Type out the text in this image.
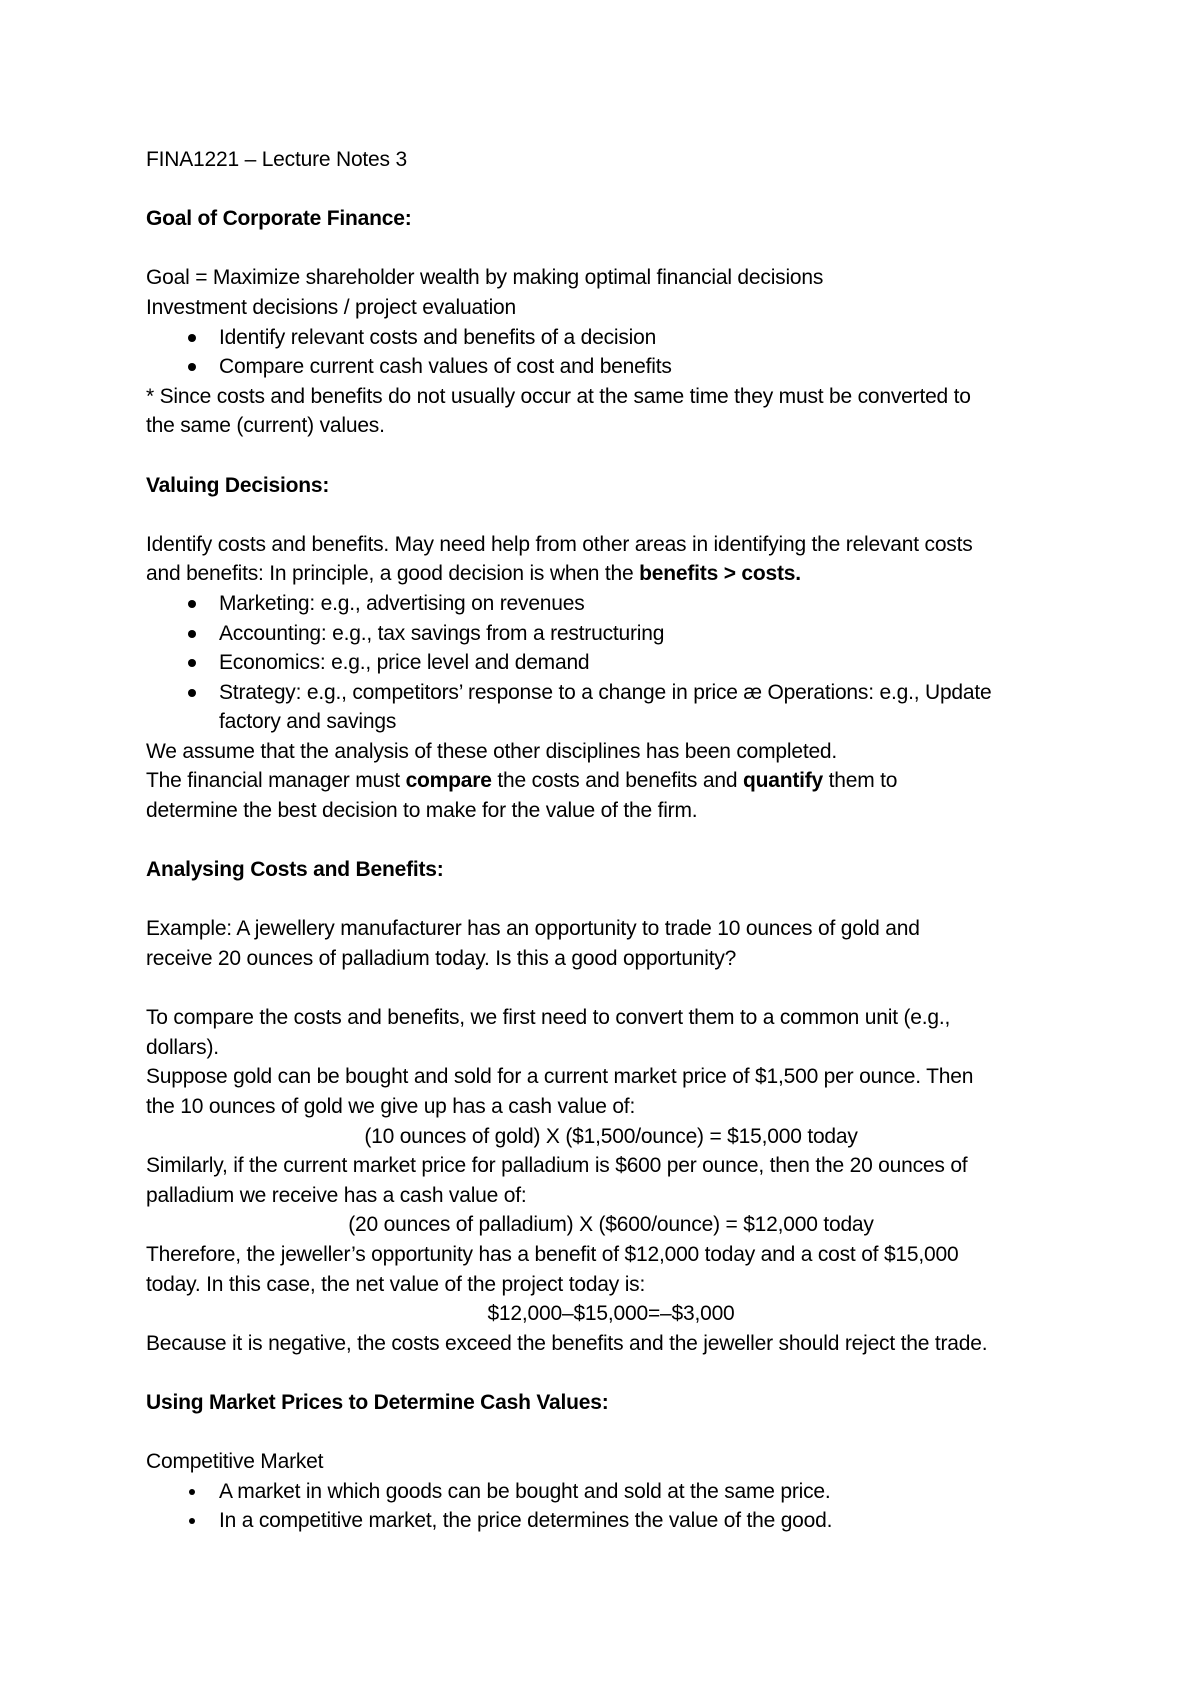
FINA1221 – Lecture Notes 3
Goal of Corporate Finance:
Goal = Maximize shareholder wealth by making optimal financial decisions
Investment decisions / project evaluation
Identify relevant costs and benefits of a decision
Compare current cash values of cost and benefits
* Since costs and benefits do not usually occur at the same time they must be converted to
the same (current) values.
Valuing Decisions:
Identify costs and benefits. May need help from other areas in identifying the relevant costs
and benefits: In principle, a good decision is when the benefits > costs.
Marketing: e.g., advertising on revenues
Accounting: e.g., tax savings from a restructuring
Economics: e.g., price level and demand
Strategy: e.g., competitors’ response to a change in price æ Operations: e.g., Update
factory and savings
We assume that the analysis of these other disciplines has been completed.
The financial manager must compare the costs and benefits and quantify them to
determine the best decision to make for the value of the firm.
Analysing Costs and Benefits:
Example: A jewellery manufacturer has an opportunity to trade 10 ounces of gold and
receive 20 ounces of palladium today. Is this a good opportunity?
To compare the costs and benefits, we first need to convert them to a common unit (e.g.,
dollars).
Suppose gold can be bought and sold for a current market price of $1,500 per ounce. Then
the 10 ounces of gold we give up has a cash value of:
(10 ounces of gold) X ($1,500/ounce) = $15,000 today
Similarly, if the current market price for palladium is $600 per ounce, then the 20 ounces of
palladium we receive has a cash value of:
(20 ounces of palladium) X ($600/ounce) = $12,000 today
Therefore, the jeweller’s opportunity has a benefit of $12,000 today and a cost of $15,000
today. In this case, the net value of the project today is:
$12,000–$15,000=–$3,000
Because it is negative, the costs exceed the benefits and the jeweller should reject the trade.
Using Market Prices to Determine Cash Values:
Competitive Market
A market in which goods can be bought and sold at the same price.
In a competitive market, the price determines the value of the good.
